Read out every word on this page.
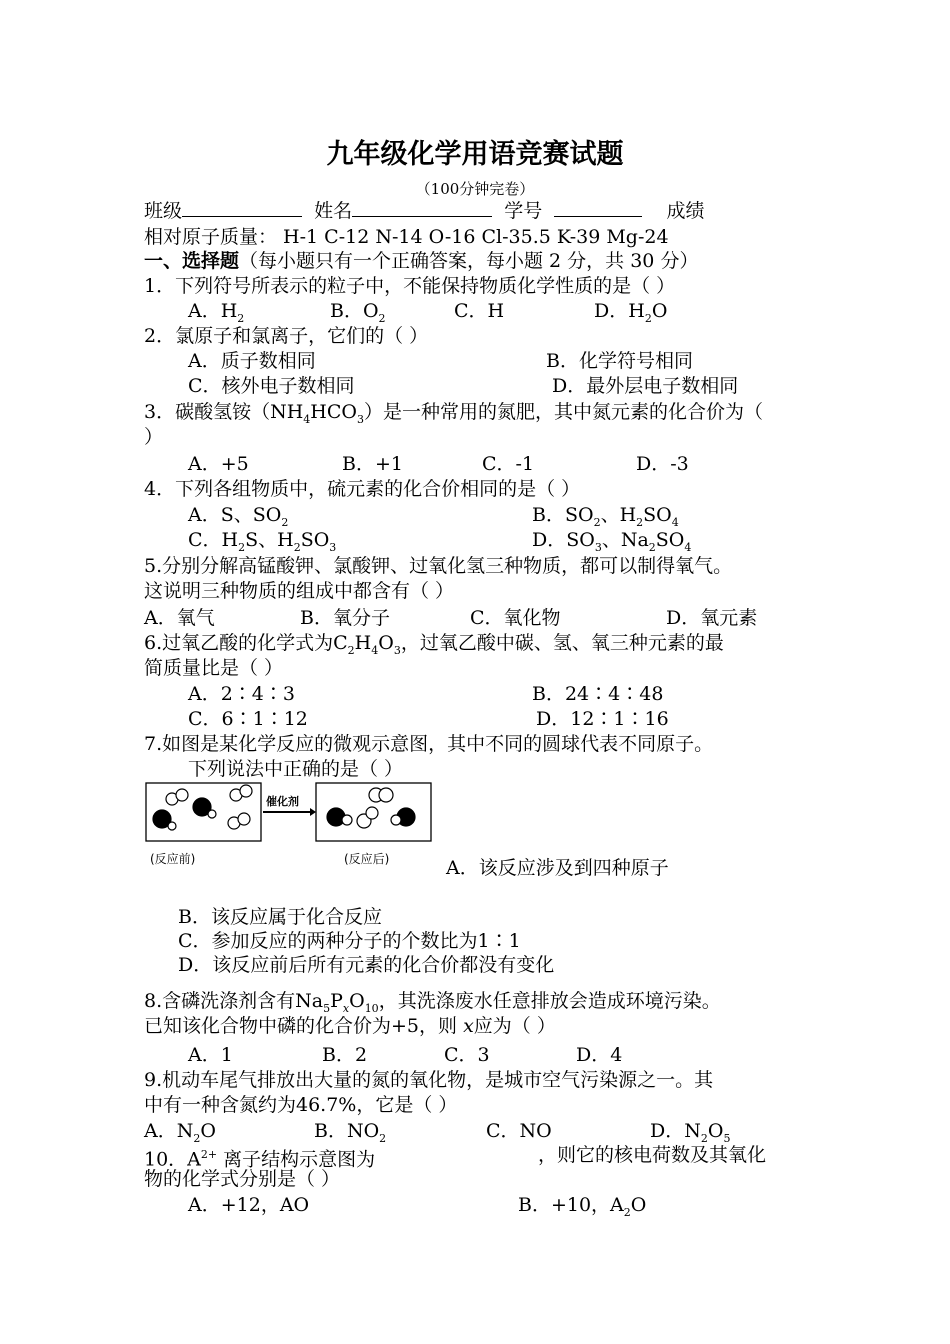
九年级化学用语竞赛试题
（100分钟完卷）
班级	姓名	学号	成绩
相对原子质量： H-1 C-12 N-14 O-16 Cl-35.5 K-39 Mg-24
一、选择题（每小题只有一个正确答案，每小题 2 分，共 30 分）
1．下列符号所表示的粒子中，不能保持物质化学性质的是（ ）
A．$H_2$	B．$O_2$	C．H	D．$H_2O$
2．氯原子和氯离子，它们的（ ）
A．质子数相同	B．化学符号相同
C．核外电子数相同	D．最外层电子数相同
3．碳酸氢铵$(NH_4HCO_3)$是一种常用的氮肥，其中氮元素的化合价为（
）
A．+5	B．+1	C．-1	D．-3
4．下列各组物质中，硫元素的化合价相同的是（ ）
A．S、$SO_2$	B．$SO_2$、$H_2SO_4$
C．$H_2S$、$H_2SO_3$	D．$SO_3$、$Na_2SO_4$
5.分别分解高锰酸钾、氯酸钾、过氧化氢三种物质，都可以制得氧气。
这说明三种物质的组成中都含有（ ）
A．氧气	B．氧分子	C．氧化物	D．氧元素
6.过氧乙酸的化学式为$C_2H_4O_3$，过氧乙酸中碳、氢、氧三种元素的最
简质量比是（ ）
A．2∶4∶3	B．24∶4∶48
C．6∶1∶12	D．12∶1∶16
7.如图是某化学反应的微观示意图，其中不同的圆球代表不同原子。
下列说法中正确的是（ ）
催化剂
(反应前)	(反应后)	A．该反应涉及到四种原子
B．该反应属于化合反应
C．参加反应的两种分子的个数比为1∶1
D．该反应前后所有元素的化合价都没有变化
8.含磷洗涤剂含有$Na_5P_xO_{10}$，其洗涤废水任意排放会造成环境污染。
已知该化合物中磷的化合价为+5，则 x应为（ ）
A．1	B．2	C．3	D．4
9.机动车尾气排放出大量的氮的氧化物，是城市空气污染源之一。其
中有一种含氮约为46.7%，它是（ ）
A．$N_2O$	B．$NO_2$	C．NO	D．$N_2O_5$
10．$A^{2+}$ 离子结构示意图为	，则它的核电荷数及其氧化
物的化学式分别是（ ）
A．+12，AO	B．+10，$A_2O$
